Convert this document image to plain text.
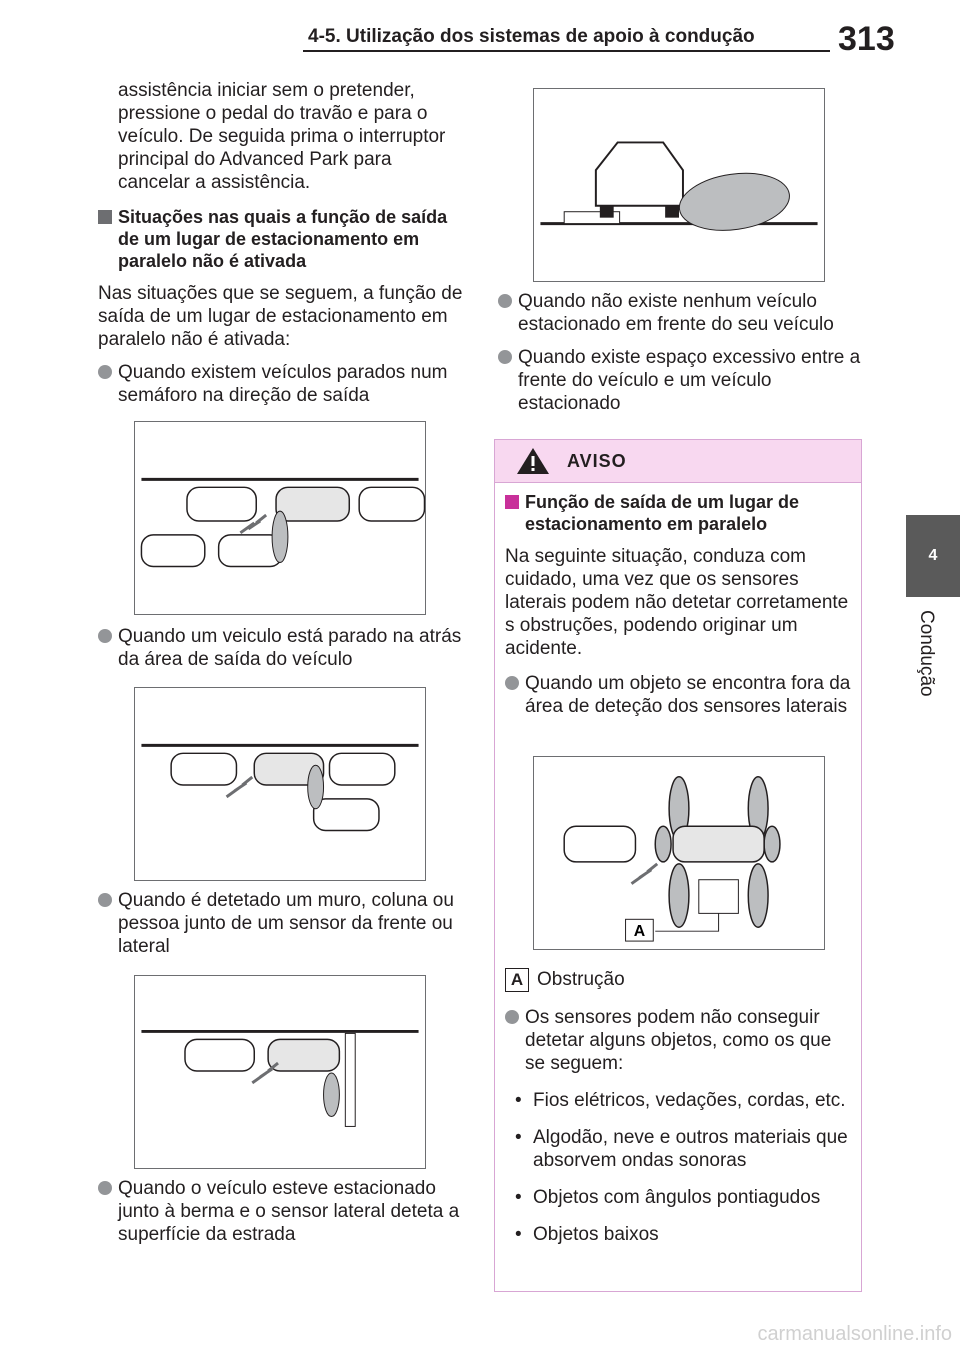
4-5. Utilização dos sistemas de apoio à condução 313
4
Condução

assistência iniciar sem o pretender, pressione o pedal do travão e para o veículo. De seguida prima o interruptor principal do Advanced Park para cancelar a assistência.

Situações nas quais a função de saída de um lugar de estacionamento em paralelo não é ativada

Nas situações que se seguem, a função de saída de um lugar de estacionamento em paralelo não é ativada:

Quando existem veículos parados num semáforo na direção de saída
Quando um veiculo está parado na atrás da área de saída do veículo
Quando é detetado um muro, coluna ou pessoa junto de um sensor da frente ou lateral
Quando o veículo esteve estacionado junto à berma e o sensor lateral deteta a superfície da estrada
Quando não existe nenhum veículo estacionado em frente do seu veículo
Quando existe espaço excessivo entre a frente do veículo e um veículo estacionado
AVISO
Função de saída de um lugar de estacionamento em paralelo

Na seguinte situação, conduza com cuidado, uma vez que os sensores laterais podem não detetar corretamente s obstruções, podendo originar um acidente.

Quando um objeto se encontra fora da área de deteção dos sensores laterais
A
A Obstrução
Os sensores podem não conseguir detetar alguns objetos, como os que se seguem:
• Fios elétricos, vedações, cordas, etc.
• Algodão, neve e outros materiais que absorvem ondas sonoras
• Objetos com ângulos pontiagudos
• Objetos baixos
carmanualsonline.info
